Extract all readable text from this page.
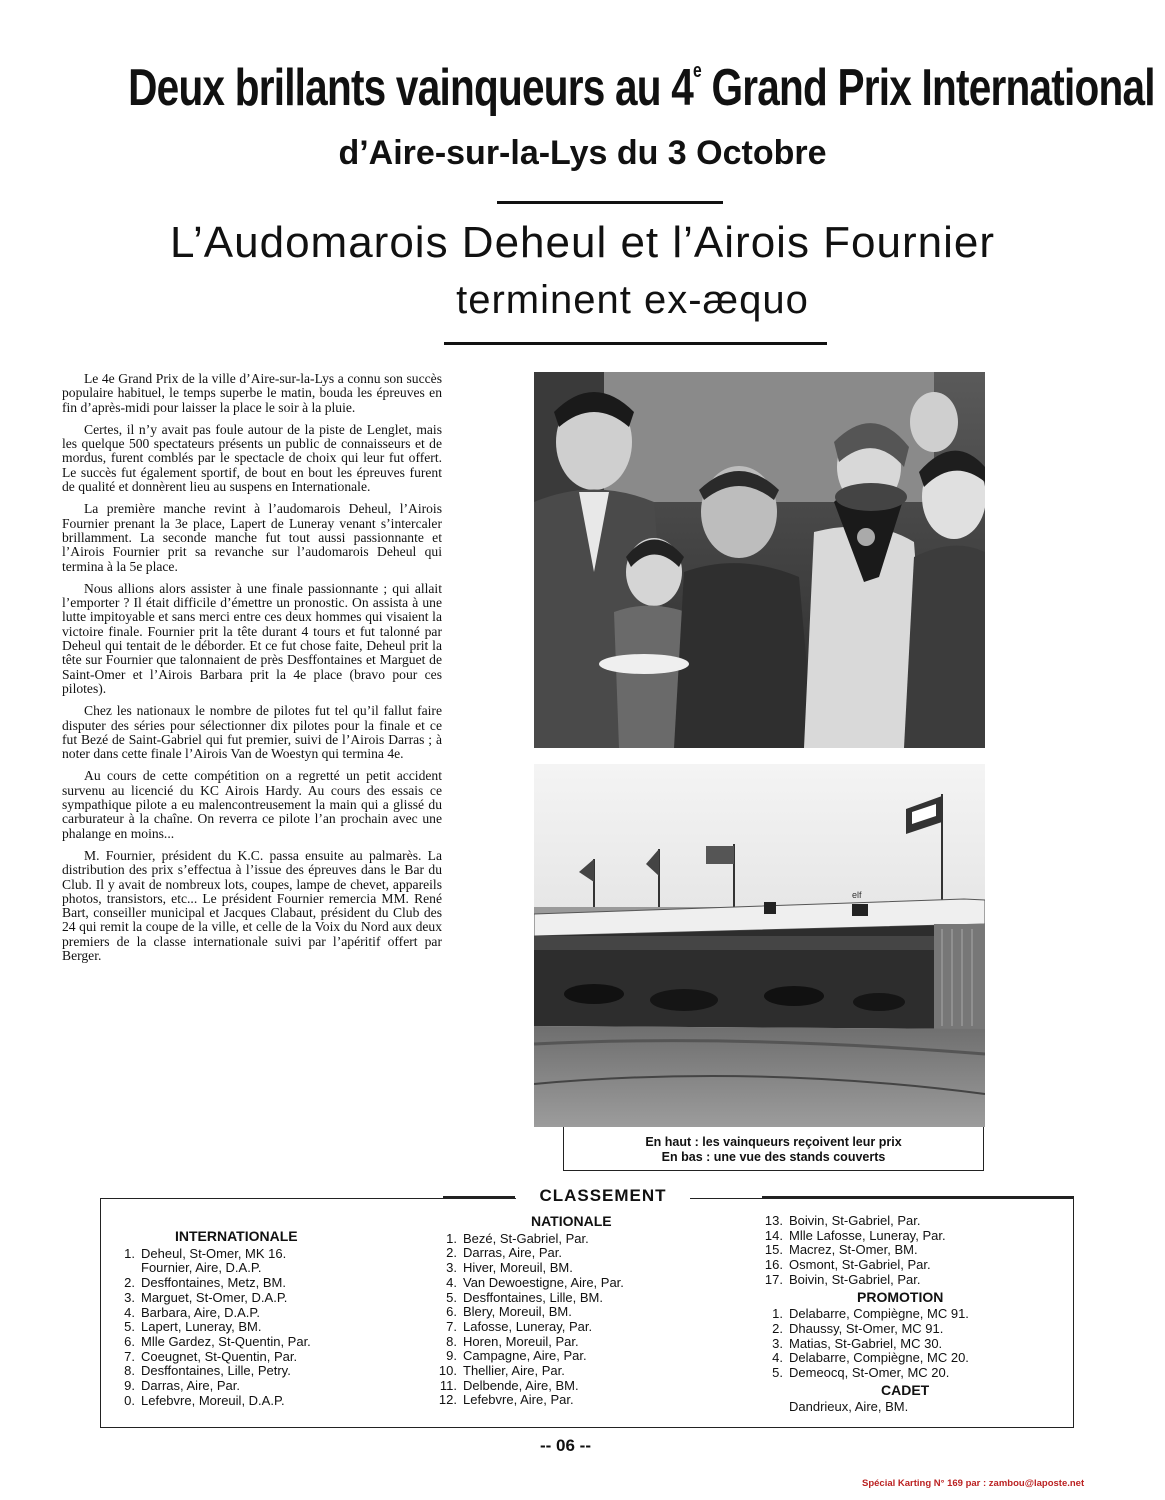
Deux brillants vainqueurs au 4e Grand Prix International
d’Aire-sur-la-Lys du 3 Octobre
L’Audomarois Deheul et l’Airois Fournier
terminent ex-æquo

Le 4e Grand Prix de la ville d’Aire-sur-la-Lys a connu son succès populaire habituel, le temps superbe le matin, bouda les épreuves en fin d’après-midi pour laisser la place le soir à la pluie.

Certes, il n’y avait pas foule autour de la piste de Lenglet, mais les quelque 500 spectateurs présents un public de connaisseurs et de mordus, furent comblés par le spectacle de choix qui leur fut offert. Le succès fut également sportif, de bout en bout les épreuves furent de qualité et donnèrent lieu au suspens en Internationale.

La première manche revint à l’audomarois Deheul, l’Airois Fournier prenant la 3e place, Lapert de Luneray venant s’intercaler brillamment. La seconde manche fut tout aussi passionnante et l’Airois Fournier prit sa revanche sur l’audomarois Deheul qui termina à la 5e place.

Nous allions alors assister à une finale passionnante ; qui allait l’emporter ? Il était difficile d’émettre un pronostic. On assista à une lutte impitoyable et sans merci entre ces deux hommes qui visaient la victoire finale. Fournier prit la tête durant 4 tours et fut talonné par Deheul qui tentait de le déborder. Et ce fut chose faite, Deheul prit la tête sur Fournier que talonnaient de près Desffontaines et Marguet de Saint-Omer et l’Airois Barbara prit la 4e place (bravo pour ces pilotes).

Chez les nationaux le nombre de pilotes fut tel qu’il fallut faire disputer des séries pour sélectionner dix pilotes pour la finale et ce fut Bezé de Saint-Gabriel qui fut premier, suivi de l’Airois Darras ; à noter dans cette finale l’Airois Van de Woestyn qui termina 4e.

Au cours de cette compétition on a regretté un petit accident survenu au licencié du KC Airois Hardy. Au cours des essais ce sympathique pilote a eu malencontreusement la main qui a glissé du carburateur à la chaîne. On reverra ce pilote l’an prochain avec une phalange en moins...

M. Fournier, président du K.C. passa ensuite au palmarès. La distribution des prix s’effectua à l’issue des épreuves dans le Bar du Club. Il y avait de nombreux lots, coupes, lampe de chevet, appareils photos, transistors, etc... Le président Fournier remercia MM. René Bart, conseiller municipal et Jacques Clabaut, président du Club des 24 qui remit la coupe de la ville, et celle de la Voix du Nord aux deux premiers de la classe internationale suivi par l’apéritif offert par Berger.

elf
En haut : les vainqueurs reçoivent leur prix
En bas : une vue des stands couverts
INTERNATIONALE
1. Deheul, St-Omer, MK 16.
Fournier, Aire, D.A.P.
2. Desffontaines, Metz, BM.
3. Marguet, St-Omer, D.A.P.
4. Barbara, Aire, D.A.P.
5. Lapert, Luneray, BM.
6. Mlle Gardez, St-Quentin, Par.
7. Coeugnet, St-Quentin, Par.
8. Desffontaines, Lille, Petry.
9. Darras, Aire, Par.
0. Lefebvre, Moreuil, D.A.P.
NATIONALE
1. Bezé, St-Gabriel, Par.
2. Darras, Aire, Par.
3. Hiver, Moreuil, BM.
4. Van Dewoestigne, Aire, Par.
5. Desffontaines, Lille, BM.
6. Blery, Moreuil, BM.
7. Lafosse, Luneray, Par.
8. Horen, Moreuil, Par.
9. Campagne, Aire, Par.
10. Thellier, Aire, Par.
11. Delbende, Aire, BM.
12. Lefebvre, Aire, Par.
13. Boivin, St-Gabriel, Par.
14. Mlle Lafosse, Luneray, Par.
15. Macrez, St-Omer, BM.
16. Osmont, St-Gabriel, Par.
17. Boivin, St-Gabriel, Par.
PROMOTION
1. Delabarre, Compiègne, MC 91.
2. Dhaussy, St-Omer, MC 91.
3. Matias, St-Gabriel, MC 30.
4. Delabarre, Compiègne, MC 20.
5. Demeocq, St-Omer, MC 20.
CADET
Dandrieux, Aire, BM.
CLASSEMENT
-- 06 --
Spécial Karting N° 169 par : zambou@laposte.net
